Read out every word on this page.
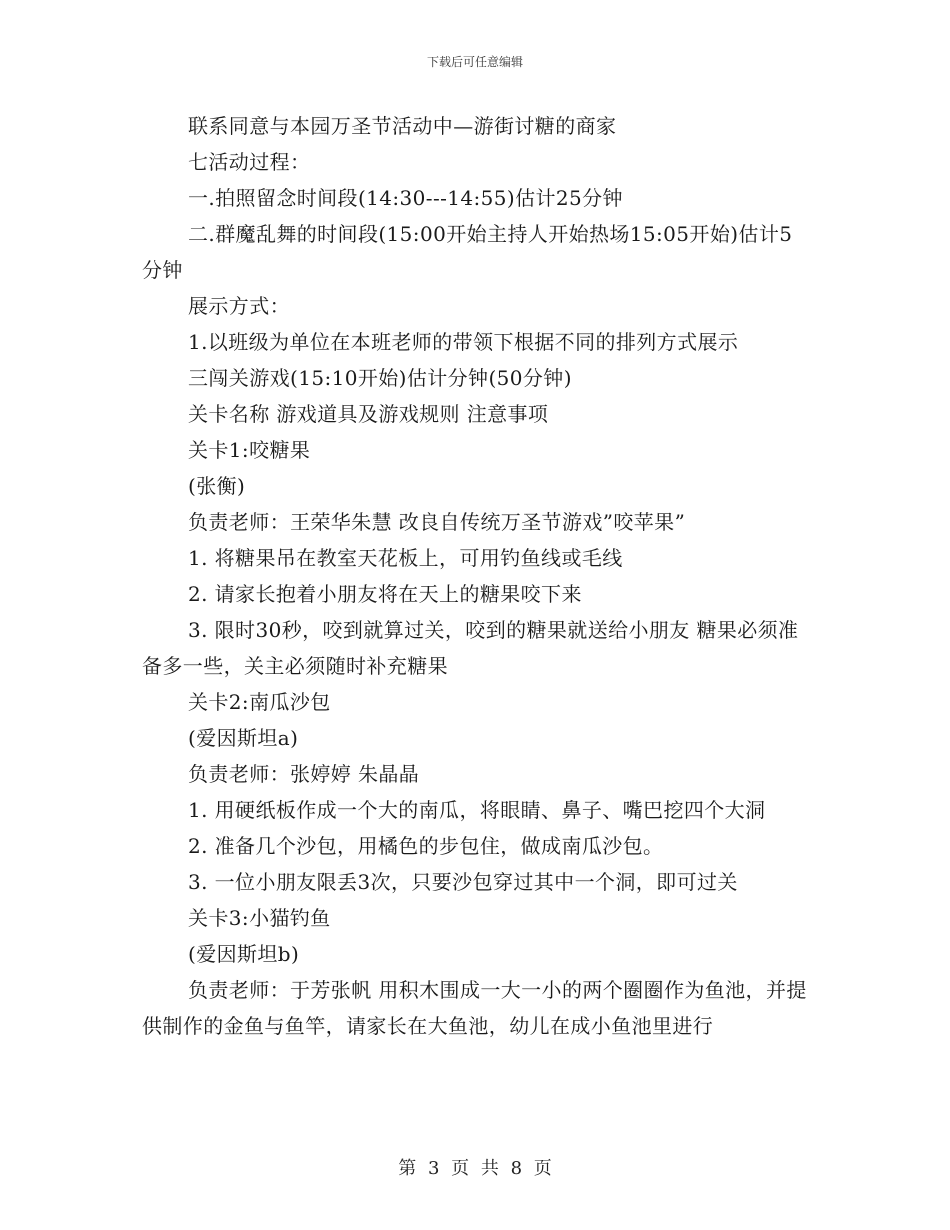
下载后可任意编辑

联系同意与本园万圣节活动中—游街讨糖的商家

七活动过程：

一.拍照留念时间段(14:30---14:55)估计25分钟

二.群魔乱舞的时间段(15:00开始主持人开始热场15:05开始)估计5分钟

展示方式：

1.以班级为单位在本班老师的带领下根据不同的排列方式展示

三闯关游戏(15:10开始)估计分钟(50分钟)

关卡名称 游戏道具及游戏规则 注意事项

关卡1:咬糖果

(张衡)

负责老师：王荣华朱慧 改良自传统万圣节游戏”咬苹果”

1. 将糖果吊在教室天花板上，可用钓鱼线或毛线

2. 请家长抱着小朋友将在天上的糖果咬下来

3. 限时30秒，咬到就算过关，咬到的糖果就送给小朋友 糖果必须准备多一些，关主必须随时补充糖果

关卡2:南瓜沙包

(爱因斯坦a)

负责老师：张婷婷 朱晶晶

1. 用硬纸板作成一个大的南瓜，将眼睛、鼻子、嘴巴挖四个大洞

2. 准备几个沙包，用橘色的步包住，做成南瓜沙包。

3. 一位小朋友限丢3次，只要沙包穿过其中一个洞，即可过关

关卡3:小猫钓鱼

(爱因斯坦b)

负责老师：于芳张帆 用积木围成一大一小的两个圈圈作为鱼池，并提供制作的金鱼与鱼竿，请家长在大鱼池，幼儿在成小鱼池里进行

第 3 页 共 8 页
